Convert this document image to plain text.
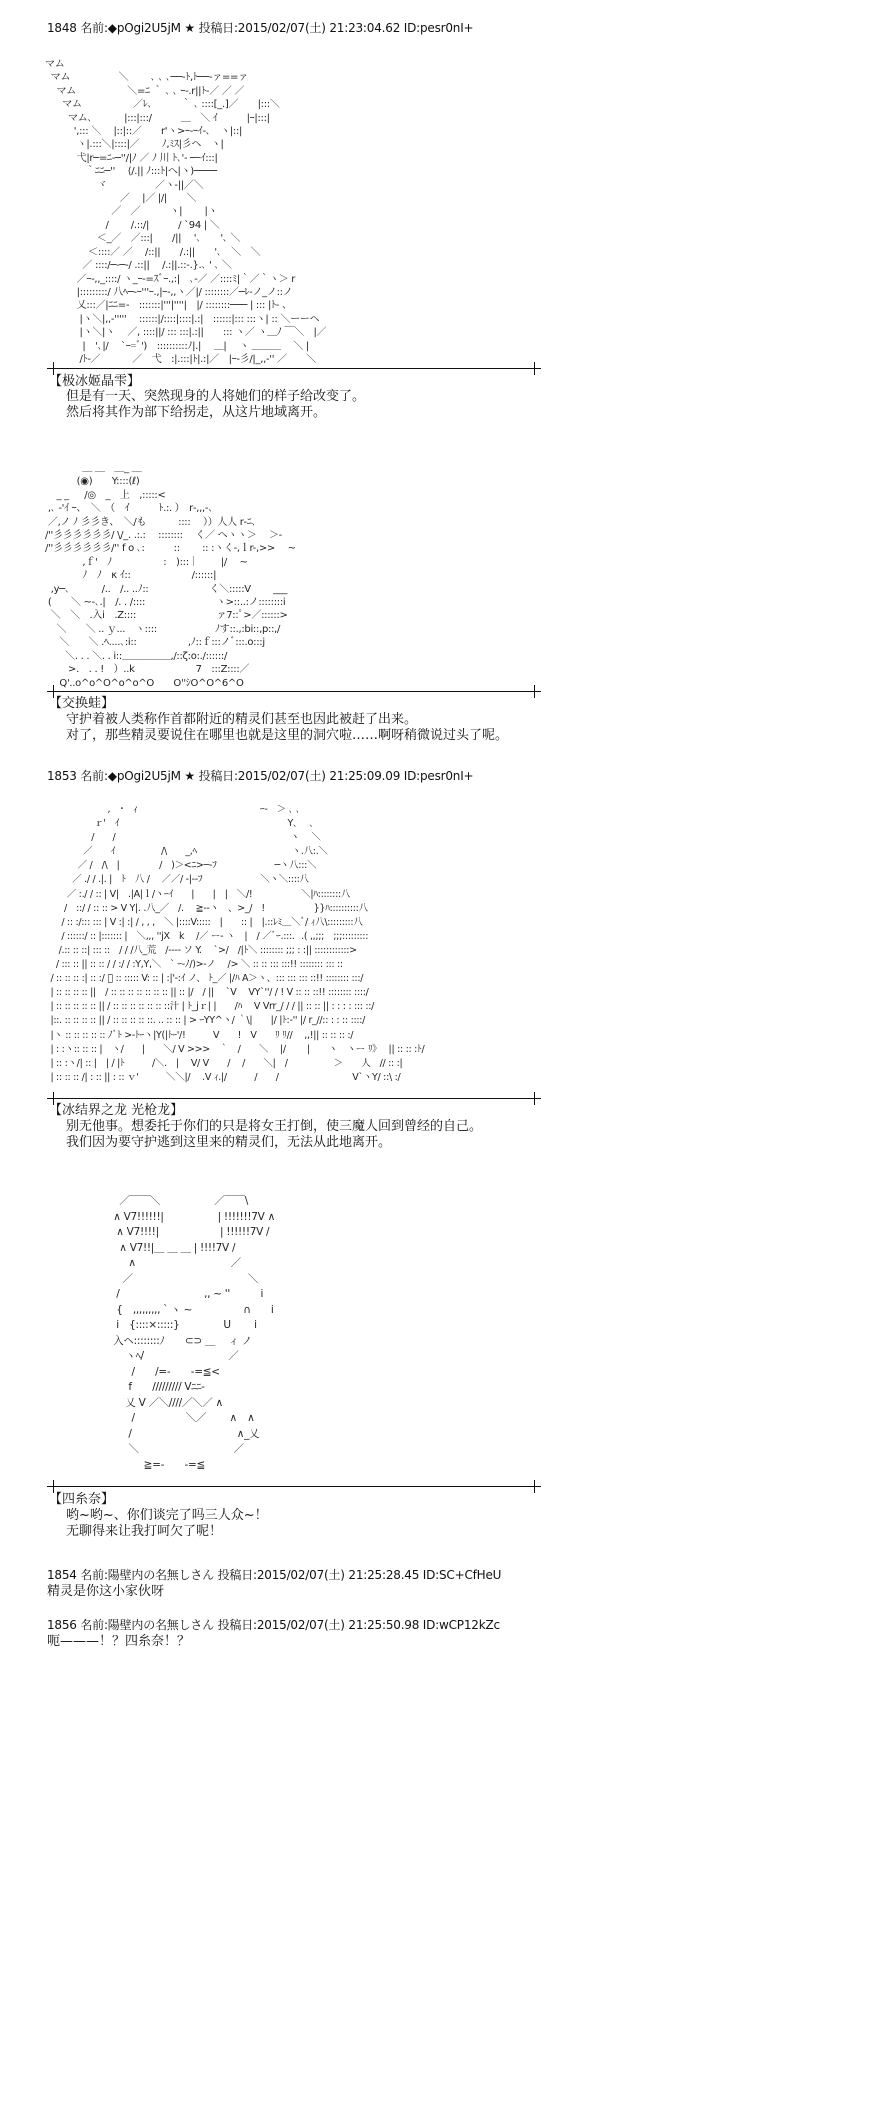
1848 名前:◆pOgi2U5jM ★ 投稿日:2015/02/07(土) 21:23:04.62 ID:pesr0nI+
マム
マム　　　　　＼　　 ､ ､ ､──-ﾄ,ﾄ──‐ァ==ァ
マム　　　　　 ＼=ﾆ ｀ ､ ､ ｰ-.r||ﾄ-／ ／ ／
マム　　　　　 ／ﾚ､　　　｀ ､ ::::[_.]／　　|:::＼
マム､　　　 |:::|:::/　　　＿　＼ ｲ　　　|ｰ|:::|
',::: ＼　 |::|::／　　r'ヽ>ｰ‐ｰｲ‐､　ヽ|::|
ヽ|.:::＼|::::|／　　 ﾉ,ﾐｽ|彡ヘ　ヽ|
弋|r─=ﾆ-─''/|ﾉ ／ ﾉ 川 ﾄ､'- ─ｰｲ:::|
｀ﾆﾆ─''　 ⟨/.|| ﾉ:::ﾄ|へ|ヽ)────
ヾ　　　　　／ヽ-||／＼
／　 |／ |/|　　＼
／　／　　　ヽ|　　 |ヽ
/　　 /.::/|　　　/ `94 | ＼
＜_／　／:::|　　/||　 '､　　'､ ＼
＜::::／ ／　 /::||　　/.:||　　'､　＼　＼
／ ::::/─-─-/ .::||　 /.:||.::-.}.､ ' ､ ＼
／ｰ-,,_::::/ ヽ_ｰ-=ｽﾞｰ.,:|　､-／ ／::::ﾐ|｀／｀ヽ＞ r
|:::::::::/ 八ﾍ─-ｰ'''ｰ.,|ｰ-,,ヽ／|/ ::::::::／─ﾚ-ノ_ノ::ノ
乂:::／|ﾆﾆ=-　:::::::|'''|''''|　|/ ::::::::─── | ::: |ﾄ- 、
|ヽ＼|,,-'''''　 ::::::|/::::|::::|.:|　::::::|::: :::ヽ| :: ＼ーーヘ
|ヽ＼|ヽ　 ／, ::::||/ ::: :::|.:||　　::: ヽ／ ヽ＿ﾉ ￣＼　|／
|　'､|/　 `ｰ=ﾞ')　::::::::::ﾉ|.|　 ＿|　 ヽ ＿＿＿　 ＼ |
/ﾄ-／　　　 ／　弋　:|.:::|ﾄ|.:|／　|ｰ-彡/|_,,-'' ／　　＼
【极冰姬晶雫】
但是有一天、突然现身的人将她们的样子给改变了。
然后将其作为部下给拐走，从这片地域离开。
＿ ＿　＿_ ＿
(◉)　　Y::::(ℓ)
_ _ 　 /◎　_　上　,:::::<
,､ -'ｲ ｰ、　＼　（　ｲ　　　ﾄ.:. ）　r‐,,,-､
／,ノ ﾉ 彡彡き、　＼/も　　　 ::::　 ））人人 r‐ﾆ､
/''彡彡彡彡彡彡/ \/_. .:.:　 :::::::: 　く／ へヽヽ＞　 ＞-
/''彡彡彡彡彡彡/'' f o ､:　　　::　　 :: :ヽく-,ｌr-,>>　 ~
,ｆ'　ﾉ　　　　　 :　):::｜　　 |/　 ~
ﾉ　ﾉ　κ ｲ::　　　　　　 /::::::|
,y─､　　　 /..　/.. ..ﾉ::　　　　　　 く＼:::::V　　 ___
(　　＼ ~-､.|　/. . /::::　　　　　　　 ヽ>::..:ノ::::::::i
＼　＼　.入i　.Z::::　　　　　　　　 ァ7::ﾟ>／::::::>
＼　　＼ .. ｙ...　ヽ::::　　　　　　ﾉす::.,:bi::,p::,/
＼　　＼ .ﾍ....､:i::　　　　　 ,ﾉ::ｆ:::ノﾞ:::.o:::j
＼. . . ＼. . i::＿＿＿＿＿,/::ζ:o:./::::::/
>.　. . !　）..k　　　　　　 7　:::Z::::／
Q'..o^o^O^o^o^O　　O''ｼO^O^6^O
【交换蛙】
守护着被人类称作首都附近的精灵们甚至也因此被赶了出来。
对了，那些精灵要说住在哪里也就是这里的洞穴啦……啊呀稍微说过头了呢。
1853 名前:◆pOgi2U5jM ★ 投稿日:2015/02/07(土) 21:25:09.09 ID:pesr0nI+
,　･　ｨ　　　　　　　　　　　　　 ｰ-　＞ ､ ､
ｒ'　ｲ　　　　　　　　　　　　　　　　　　 Y､　 ､
/　　/　　　　　　　　　　　　　　　　　　　ヽ　 ＼
／　　ｲ　　　　　/\　　_,ﾍ　　　　　　　　　　 ヽ.八:.＼
／ /　/\　|　　　　 /　)＞<ﾆ>─-ﾌ　　　　　　 ─ヽ八:::＼
／ ./ / .|. |　ﾄ　八 /　 ／／/ -|--ﾌ　　　　　　 ＼ヽ＼::::八
／ :./ / :: | V|　.|A|ｌ/ヽｰｲ　　|　　|　|　＼/!　　　　　 ＼|ﾊ::::::::八
/　::/ / :: :: > V Y|. .八_／　/.　 ≧‐-ヽ　、>_/　!　　　　　 }}ﾊ::::::::::八
/ :: :/::: ::: | V :| :| / , , ,　＼ |::::V:::::　|　　:: |　|.::ﾚﾐ＿＼ﾞ/ ｨ八\:::::::::八
/ ::::::/ :: |::::::: |　＼,,, ''jX　k　 /／ ー- ヽ　|　/ ／ﾞｰ.:::．.( ,,;;;　;;;:::::::::
/.:: :: ::| ::: ::　/ / /八_荒　/---- ソ Y.　 `>/　/|ﾄ＼ :::::::: ;;; : :|| ::::::::::::>
/ ::: :: || :: :: / / :/ / :Y,Y,＼　` ｰ-ﾉ/)>-ノ　 /> ＼ :: :: ::: :::!! :::::::: ::: ::
/ :: :: :: :| :: :/ ﾞ :: ::::: V: :: | :|'-:ｲ ノ、 ﾄ_／ |/ﾊ A＞ヽ、::: ::: ::: ::!! :::::::: :::/
| :: :: :: :: ||　/ :: :: :: :: :: :: :: || :: |/　/ ||　 `V　 VY`''/ / ! V :: :: ::!! :::::::: ::::/
| :: :: :: :: :: || / :: :: :: :: :: :: ::汁 | ﾄ_jｒ| |　　/ﾊ　 V Vrr_/ / / || :: :: || : : : : ::: ::/
|::. :: :: :: :: || / :: :: :: :: ::. .. :: :: | > ｰYY^ヽ/ ｀\|　　|/ |ﾄ:-'' |/ r_//:: : : :: ::::/
|ヽ :: :: :: :: :: ﾉﾞﾄ >-ﾄｰヽ|Y(|ﾄｰ'/!　　　V　　!　V　　ﾘ ﾘ//　 ,,!|| :: :: :: :/
| : :ヽ:: :: :: |　ヽ/　　|　　＼/ V >>>　｀　/　　＼　 |/ 　　|　　ヽ　ヽー ﾘ》　 || :: :: :ﾄ/
| :: :ヽ/| :: |　| / |ﾄ　　　/＼.　| 　V/ V　　/　 /　　＼|　/　　　　　＞　　人　// :: :|
| :: :: :: /| : :: || : :: ｖ'　　　＼＼|/　 .V ｨ.|/　　　/　　/　　　　　　　　V`ヽY/ ::\ :/
【冰结界之龙 光枪龙】
别无他事。想委托于你们的只是将女王打倒，使三魔人回到曾经的自己。
我们因为要守护逃到这里来的精灵们，无法从此地离开。
／￣￣＼　　　　　 ／￣￣\
∧ V7!!!!!!|　　　　　 | !!!!!!!7V ∧
∧ V7!!!!|　　　　　　| !!!!!!7V /
∧ V7!!|＿ ＿ ＿ | !!!!7V /
∧　　　　　　　　　 ／
／　　　　　　　　　　　 ＼
/　　　　　　　　 ,, ~ ''　　　i
{　,,,,,,,,,｀ヽ ~　　　　　∩　　i
i　{::::×:::::}　　　　 U　　 i
入ヘ::::::::ﾉ　　⊂⊃ ＿　 ィ ノ
ヽﾍ/　　　　　　　　 ／
/　　/=-　　-=≦<
f　　///////// Vﾆﾆ-
乂 V ／＼////／＼／ ∧
/　　　　　＼／　　 ∧　∧
/　　　　　　　　　　 ∧_乂
＼　　　　　　　　　 ／
≧=-　　-=≦
【四糸奈】
哟~哟~、你们谈完了吗三人众~！
无聊得来让我打呵欠了呢！
1854 名前:陽壁内の名無しさん 投稿日:2015/02/07(土) 21:25:28.45 ID:SC+CfHeU
精灵是你这小家伙呀
1856 名前:陽壁内の名無しさん 投稿日:2015/02/07(土) 21:25:50.98 ID:wCP12kZc
呃———！？四糸奈！？
